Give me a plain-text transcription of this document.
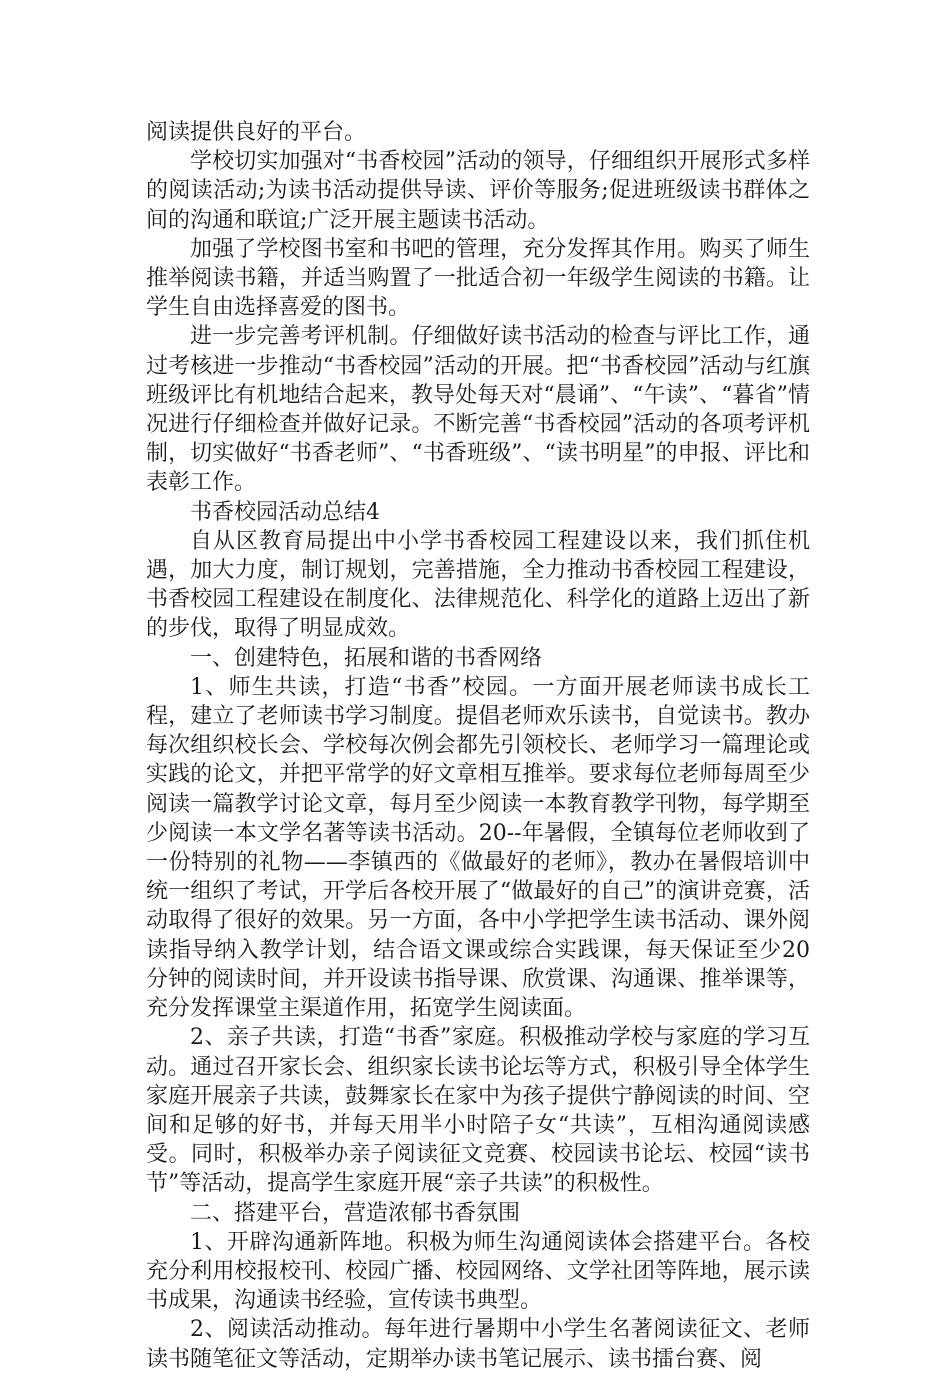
阅读提供良好的平台。

学校切实加强对“书香校园”活动的领导，仔细组织开展形式多样的阅读活动;为读书活动提供导读、评价等服务;促进班级读书群体之间的沟通和联谊;广泛开展主题读书活动。

加强了学校图书室和书吧的管理，充分发挥其作用。购买了师生推举阅读书籍，并适当购置了一批适合初一年级学生阅读的书籍。让学生自由选择喜爱的图书。

进一步完善考评机制。仔细做好读书活动的检查与评比工作，通过考核进一步推动“书香校园”活动的开展。把“书香校园”活动与红旗班级评比有机地结合起来，教导处每天对“晨诵”、“午读”、“暮省”情况进行仔细检查并做好记录。不断完善“书香校园”活动的各项考评机制，切实做好“书香老师”、“书香班级”、“读书明星”的申报、评比和表彰工作。

书香校园活动总结4

自从区教育局提出中小学书香校园工程建设以来，我们抓住机遇，加大力度，制订规划，完善措施，全力推动书香校园工程建设，书香校园工程建设在制度化、法律规范化、科学化的道路上迈出了新的步伐，取得了明显成效。

一、创建特色，拓展和谐的书香网络

1、师生共读，打造“书香”校园。一方面开展老师读书成长工程，建立了老师读书学习制度。提倡老师欢乐读书，自觉读书。教办每次组织校长会、学校每次例会都先引领校长、老师学习一篇理论或实践的论文，并把平常学的好文章相互推举。要求每位老师每周至少阅读一篇教学讨论文章，每月至少阅读一本教育教学刊物，每学期至少阅读一本文学名著等读书活动。20--年暑假，全镇每位老师收到了一份特别的礼物——李镇西的《做最好的老师》，教办在暑假培训中统一组织了考试，开学后各校开展了“做最好的自己”的演讲竞赛，活动取得了很好的效果。另一方面，各中小学把学生读书活动、课外阅读指导纳入教学计划，结合语文课或综合实践课，每天保证至少20分钟的阅读时间，并开设读书指导课、欣赏课、沟通课、推举课等，充分发挥课堂主渠道作用，拓宽学生阅读面。

2、亲子共读，打造“书香”家庭。积极推动学校与家庭的学习互动。通过召开家长会、组织家长读书论坛等方式，积极引导全体学生家庭开展亲子共读，鼓舞家长在家中为孩子提供宁静阅读的时间、空间和足够的好书，并每天用半小时陪子女“共读”，互相沟通阅读感受。同时，积极举办亲子阅读征文竞赛、校园读书论坛、校园“读书节”等活动，提高学生家庭开展“亲子共读”的积极性。

二、搭建平台，营造浓郁书香氛围

1、开辟沟通新阵地。积极为师生沟通阅读体会搭建平台。各校充分利用校报校刊、校园广播、校园网络、文学社团等阵地，展示读书成果，沟通读书经验，宣传读书典型。

2、阅读活动推动。每年进行暑期中小学生名著阅读征文、老师读书随笔征文等活动，定期举办读书笔记展示、读书擂台赛、阅
